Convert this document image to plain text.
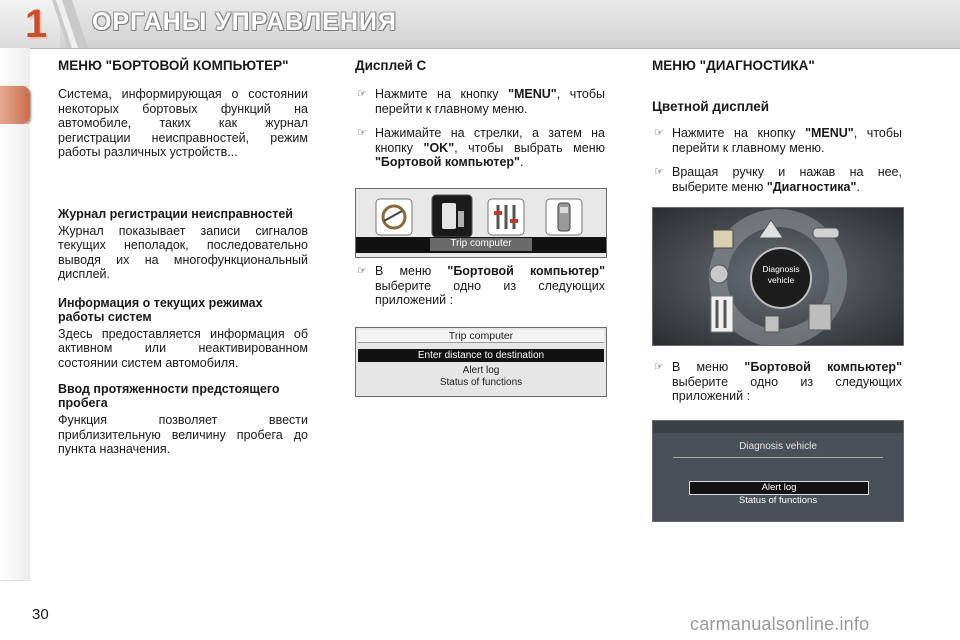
1	ОРГАНЫ УПРАВЛЕНИЯ
МЕНЮ "БОРТОВОЙ КОМПЬЮТЕР"

Система, информирующая о состоянии некоторых бортовых функций на автомобиле, таких как журнал регистрации неисправностей, режим работы различных устройств...

Журнал регистрации неисправностей

Журнал показывает записи сигналов текущих неполадок, последовательно выводя их на многофункциональный дисплей.

Информация о текущих режимах работы систем

Здесь предоставляется информация об активном или неактивированном состоянии систем автомобиля.

Ввод протяженности предстоящего пробега

Функция позволяет ввести приблизительную величину пробега до пункта назначения.

Дисплей C
☞ Нажмите на кнопку "MENU", чтобы перейти к главному меню.
☞ Нажимайте на стрелки, а затем на кнопку "OK", чтобы выбрать меню "Бортовой компьютер".
Trip computer
☞ В меню "Бортовой компьютер" выберите одно из следующих приложений :
Trip computer
Enter distance to destination
Alert log
Status of functions
МЕНЮ "ДИАГНОСТИКА"
Цветной дисплей
☞ Нажмите на кнопку "MENU", чтобы перейти к главному меню.
☞ Вращая ручку и нажав на нее, выберите меню "Диагностика".
Diagnosis
vehicle
☞ В меню "Бортовой компьютер" выберите одно из следующих приложений :
Diagnosis vehicle
Alert log
Status of functions
30	carmanualsonline.info
